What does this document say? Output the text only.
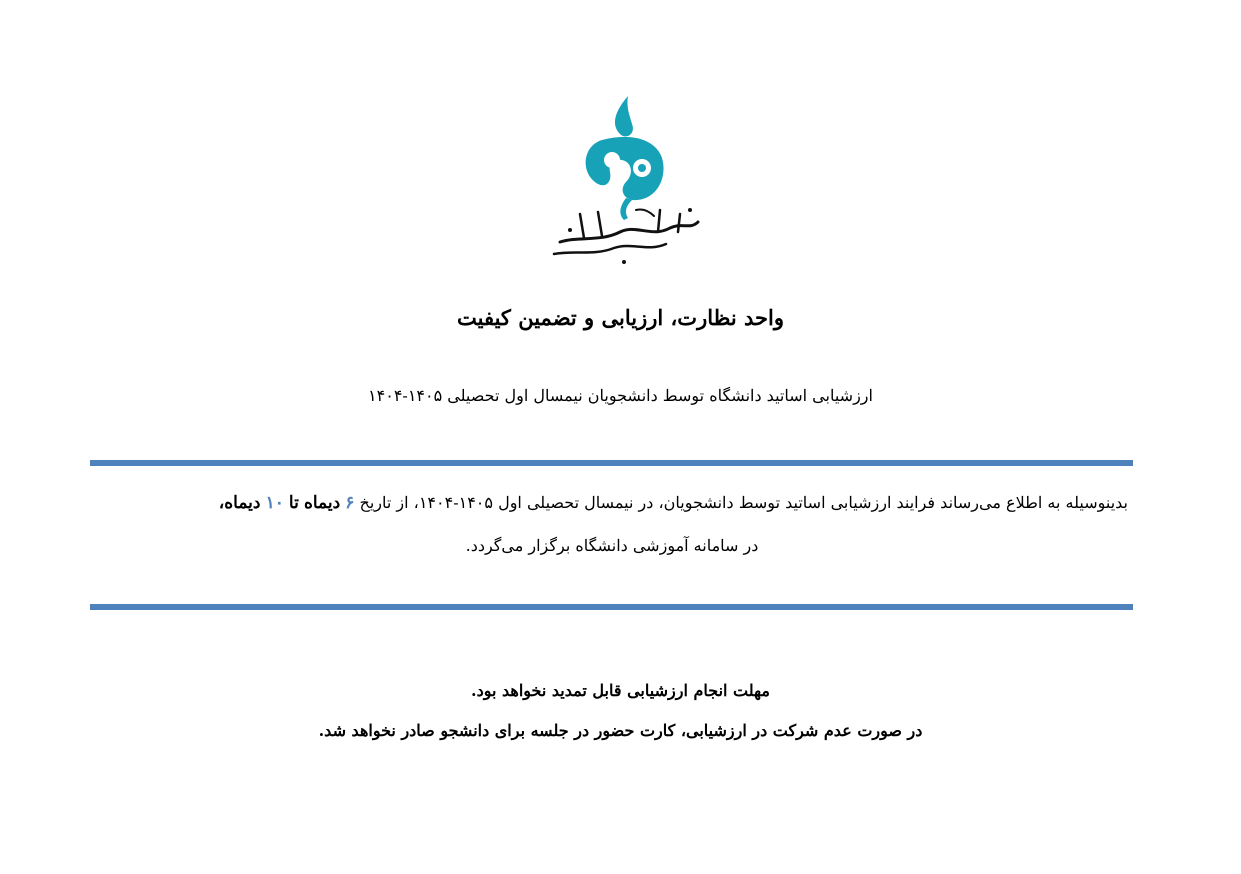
واحد نظارت، ارزیابی و تضمین کیفیت
ارزشیابی اساتید دانشگاه توسط دانشجویان نیمسال اول تحصیلی ۱۴۰۵-۱۴۰۴
بدینوسیله به اطلاع می‌رساند فرایند ارزشیابی اساتید توسط دانشجویان، در نیمسال تحصیلی اول ۱۴۰۵-۱۴۰۴، از تاریخ ۶ دیماه تا ۱۰ دیماه،
در سامانه آموزشی دانشگاه برگزار می‌گردد.
مهلت انجام ارزشیابی قابل تمدید نخواهد بود.
در صورت عدم شرکت در ارزشیابی، کارت حضور در جلسه برای دانشجو صادر نخواهد شد.
